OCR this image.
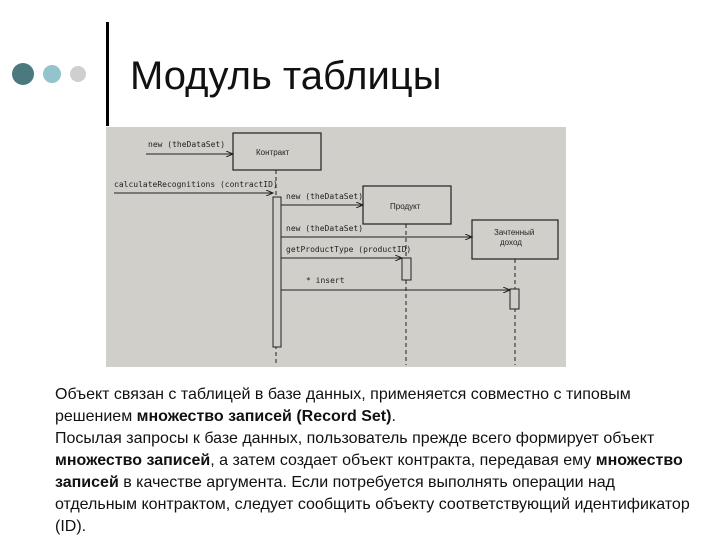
Модуль таблицы
Контракт
Продукт
Зачтенный
доход
new (theDataSet)
calculateRecognitions (contractID)
new (theDataSet)
new (theDataSet)
getProductType (productID)
* insert

Объект связан с таблицей в базе данных, применяется совместно с типовым решением множество записей (Record Set).

Посылая запросы к базе данных, пользователь прежде всего формирует объект множество записей, а затем создает объект контракта, передавая ему множество записей в качестве аргумента. Если потребуется выполнять операции над отдельным контрактом, следует сообщить объекту соответствующий идентификатор (ID).
